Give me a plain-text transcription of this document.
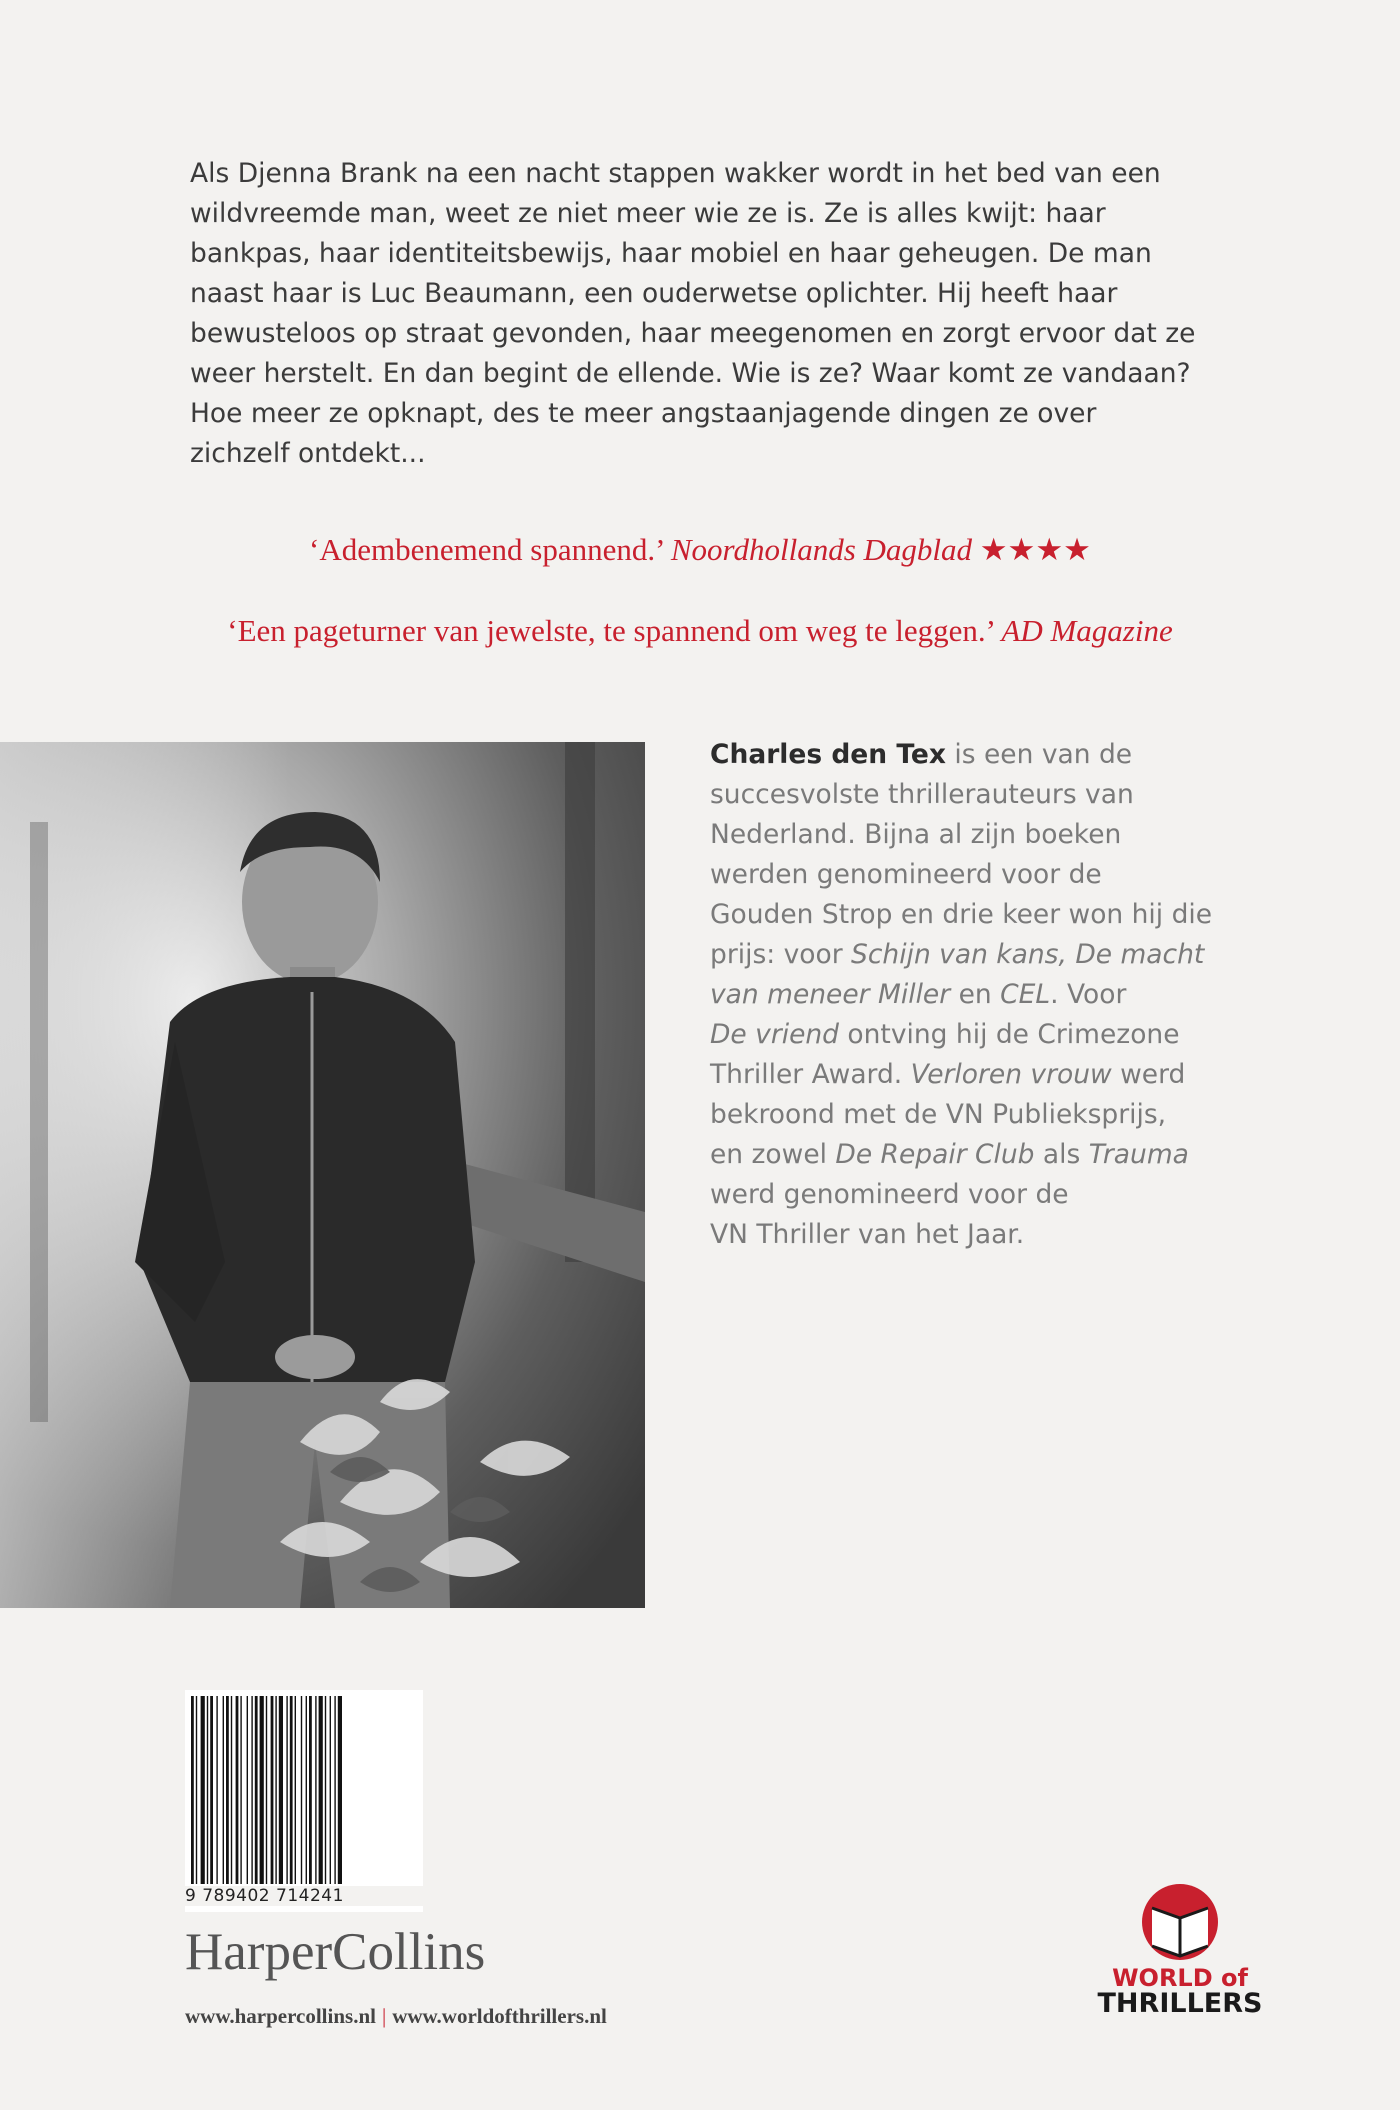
Als Djenna Brank na een nacht stappen wakker wordt in het bed van een
wildvreemde man, weet ze niet meer wie ze is. Ze is alles kwijt: haar
bankpas, haar identiteitsbewijs, haar mobiel en haar geheugen. De man
naast haar is Luc Beaumann, een ouderwetse oplichter. Hij heeft haar
bewusteloos op straat gevonden, haar meegenomen en zorgt ervoor dat ze
weer herstelt. En dan begint de ellende. Wie is ze? Waar komt ze vandaan?
Hoe meer ze opknapt, des te meer angstaanjagende dingen ze over
zichzelf ontdekt...
‘Adembenemend spannend.’ Noordhollands Dagblad ★★★★
‘Een pageturner van jewelste, te spannend om weg te leggen.’ AD Magazine
Charles den Tex is een van de
succesvolste thrillerauteurs van
Nederland. Bijna al zijn boeken
werden genomineerd voor de
Gouden Strop en drie keer won hij die
prijs: voor Schijn van kans, De macht
van meneer Miller en CEL. Voor
De vriend ontving hij de Crimezone
Thriller Award. Verloren vrouw werd
bekroond met de VN Publieksprijs,
en zowel De Repair Club als Trauma
werd genomineerd voor de
VN Thriller van het Jaar.
9 789402 714241
HarperCollins
www.harpercollins.nl | www.worldofthrillers.nl
WORLD of
THRILLERS
